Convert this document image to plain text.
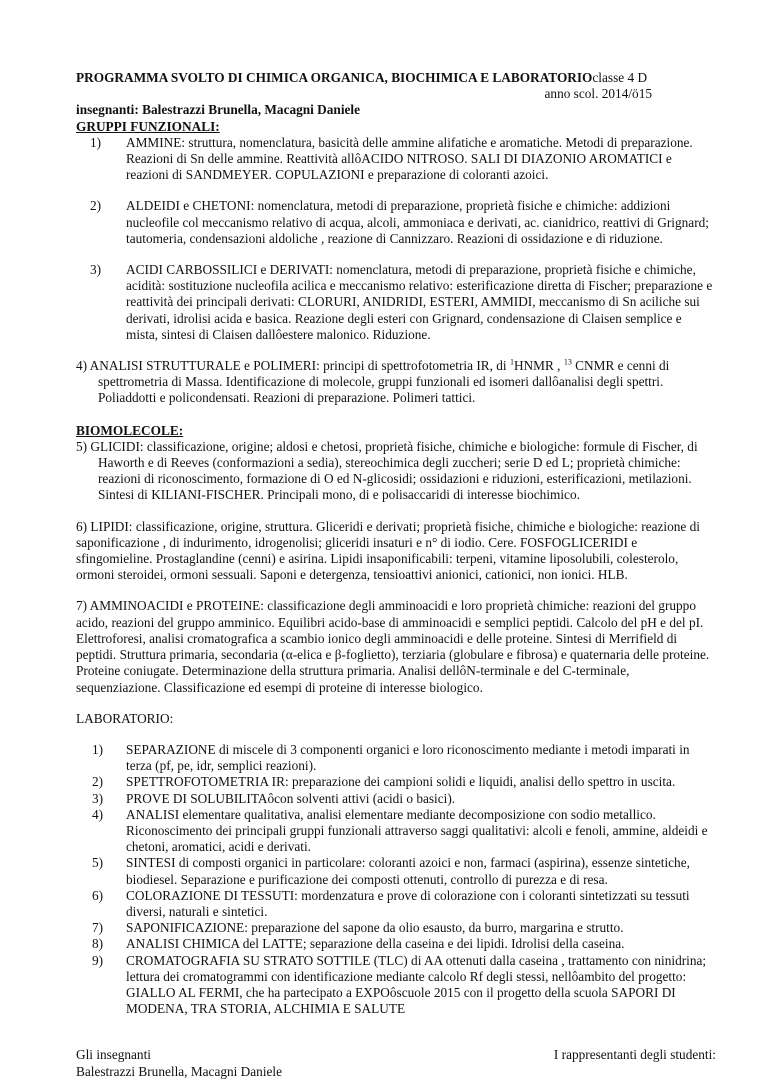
PROGRAMMA SVOLTO DI CHIMICA ORGANICA, BIOCHIMICA E LABORATORIO classe 4 D
anno scol. 2014/ö15
insegnanti: Balestrazzi Brunella, Macagni Daniele
GRUPPI FUNZIONALI:
1)	AMMINE: struttura, nomenclatura, basicità delle ammine alifatiche e aromatiche. Metodi di preparazione. Reazioni di Sn delle ammine. Reattività allôACIDO NITROSO. SALI DI DIAZONIO AROMATICI e reazioni di SANDMEYER. COPULAZIONI e preparazione di coloranti azoici.
2)	ALDEIDI e CHETONI: nomenclatura, metodi di preparazione, proprietà fisiche e chimiche: addizioni nucleofile col meccanismo relativo di acqua, alcoli, ammoniaca e derivati, ac. cianidrico, reattivi di Grignard; tautomeria, condensazioni aldoliche , reazione di Cannizzaro. Reazioni di ossidazione e di riduzione.
3)	ACIDI CARBOSSILICI e DERIVATI: nomenclatura, metodi di preparazione, proprietà fisiche e chimiche, acidità: sostituzione nucleofila acilica e meccanismo relativo: esterificazione diretta di Fischer; preparazione e reattività dei principali derivati: CLORURI, ANIDRIDI, ESTERI, AMMIDI, meccanismo di Sn aciliche sui derivati, idrolisi acida e basica. Reazione degli esteri con Grignard, condensazione di Claisen semplice e mista, sintesi di Claisen dallôestere malonico. Riduzione.

4) ANALISI STRUTTURALE e POLIMERI: principi di spettrofotometria IR, di $^1$HNMR , $^{13}$ CNMR e cenni di spettrometria di Massa. Identificazione di molecole, gruppi funzionali ed isomeri dallôanalisi degli spettri. Poliaddotti e policondensati. Reazioni di preparazione. Polimeri tattici.

BIOMOLECOLE:

5) GLICIDI: classificazione, origine; aldosi e chetosi, proprietà fisiche, chimiche e biologiche: formule di Fischer, di Haworth e di Reeves (conformazioni a sedia), stereochimica degli zuccheri; serie D ed L; proprietà chimiche: reazioni di riconoscimento, formazione di O ed N-glicosidi; ossidazioni e riduzioni, esterificazioni, metilazioni. Sintesi di KILIANI-FISCHER. Principali mono, di e polisaccaridi di interesse biochimico.

6) LIPIDI: classificazione, origine, struttura. Gliceridi e derivati; proprietà fisiche, chimiche e biologiche: reazione di saponificazione , di indurimento, idrogenolisi; gliceridi insaturi e n° di iodio. Cere. FOSFOGLICERIDI e sfingomieline. Prostaglandine (cenni) e asirina. Lipidi insaponificabili: terpeni, vitamine liposolubili, colesterolo, ormoni steroidei, ormoni sessuali. Saponi e detergenza, tensioattivi anionici, cationici, non ionici. HLB.

7) AMMINOACIDI e PROTEINE: classificazione degli amminoacidi e loro proprietà chimiche: reazioni del gruppo acido, reazioni del gruppo amminico. Equilibri acido-base di amminoacidi e semplici peptidi. Calcolo del pH e del pI. Elettroforesi, analisi cromatografica a scambio ionico degli amminoacidi e delle proteine. Sintesi di Merrifield di peptidi. Struttura primaria, secondaria (α-elica e β-foglietto), terziaria (globulare e fibrosa) e quaternaria delle proteine. Proteine coniugate. Determinazione della struttura primaria. Analisi dellôN-terminale e del C-terminale, sequenziazione. Classificazione ed esempi di proteine di interesse biologico.

LABORATORIO:

1)	SEPARAZIONE di miscele di 3 componenti organici e loro riconoscimento mediante i metodi imparati in terza (pf, pe, idr, semplici reazioni).
2)	SPETTROFOTOMETRIA IR: preparazione dei campioni solidi e liquidi, analisi dello spettro in uscita.
3)	PROVE DI SOLUBILITAôcon solventi attivi (acidi o basici).
4)	ANALISI elementare qualitativa, analisi elementare mediante decomposizione con sodio metallico. Riconoscimento dei principali gruppi funzionali attraverso saggi qualitativi: alcoli e fenoli, ammine, aldeidi e chetoni, aromatici, acidi e derivati.
5)	SINTESI di composti organici in particolare: coloranti azoici e non, farmaci (aspirina), essenze sintetiche, biodiesel. Separazione e purificazione dei composti ottenuti, controllo di purezza e di resa.
6)	COLORAZIONE DI TESSUTI: mordenzatura e prove di colorazione con i coloranti sintetizzati su tessuti diversi, naturali e sintetici.
7)	SAPONIFICAZIONE: preparazione del sapone da olio esausto, da burro, margarina e strutto.
8)	ANALISI CHIMICA del LATTE; separazione della caseina e dei lipidi. Idrolisi della caseina.
9)	CROMATOGRAFIA SU STRATO SOTTILE (TLC) di AA ottenuti dalla caseina , trattamento con ninidrina; lettura dei cromatogrammi con identificazione mediante calcolo Rf degli stessi, nellôambito del progetto: GIALLO AL FERMI, che ha partecipato a EXPOôscuole 2015 con il progetto della scuola SAPORI DI MODENA, TRA STORIA, ALCHIMIA E SALUTE
Gli insegnanti
Balestrazzi Brunella, Macagni Daniele
I rappresentanti degli studenti:
